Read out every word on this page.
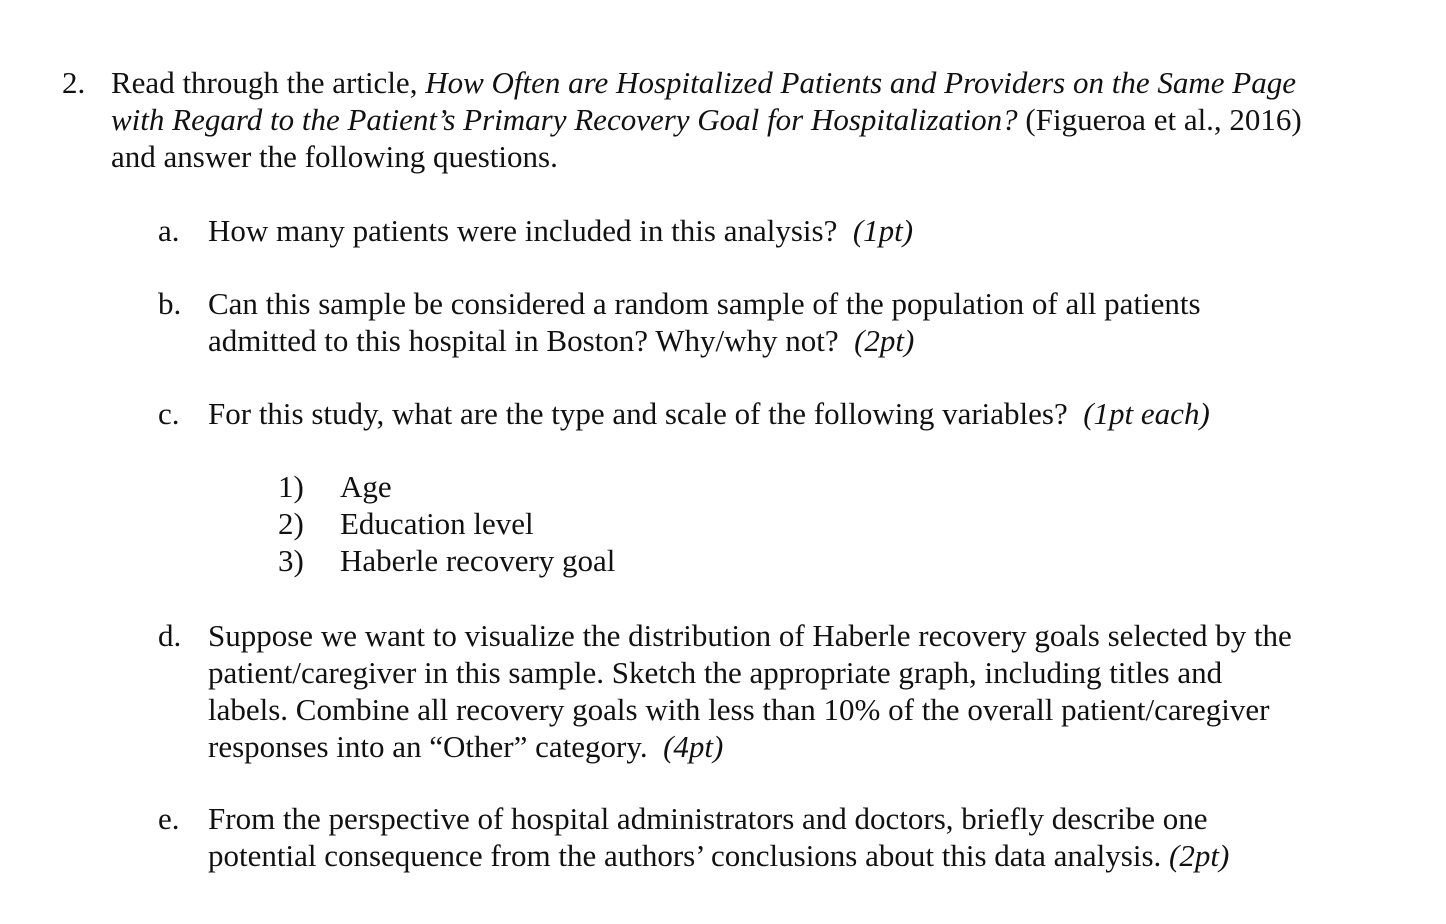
2. Read through the article, How Often are Hospitalized Patients and Providers on the Same Page with Regard to the Patient’s Primary Recovery Goal for Hospitalization? (Figueroa et al., 2016) and answer the following questions.
a. How many patients were included in this analysis? (1pt)
b. Can this sample be considered a random sample of the population of all patients admitted to this hospital in Boston? Why/why not? (2pt)
c. For this study, what are the type and scale of the following variables? (1pt each)
1) Age
2) Education level
3) Haberle recovery goal
d. Suppose we want to visualize the distribution of Haberle recovery goals selected by the patient/caregiver in this sample. Sketch the appropriate graph, including titles and labels. Combine all recovery goals with less than 10% of the overall patient/caregiver responses into an “Other” category. (4pt)
e. From the perspective of hospital administrators and doctors, briefly describe one potential consequence from the authors’ conclusions about this data analysis. (2pt)
